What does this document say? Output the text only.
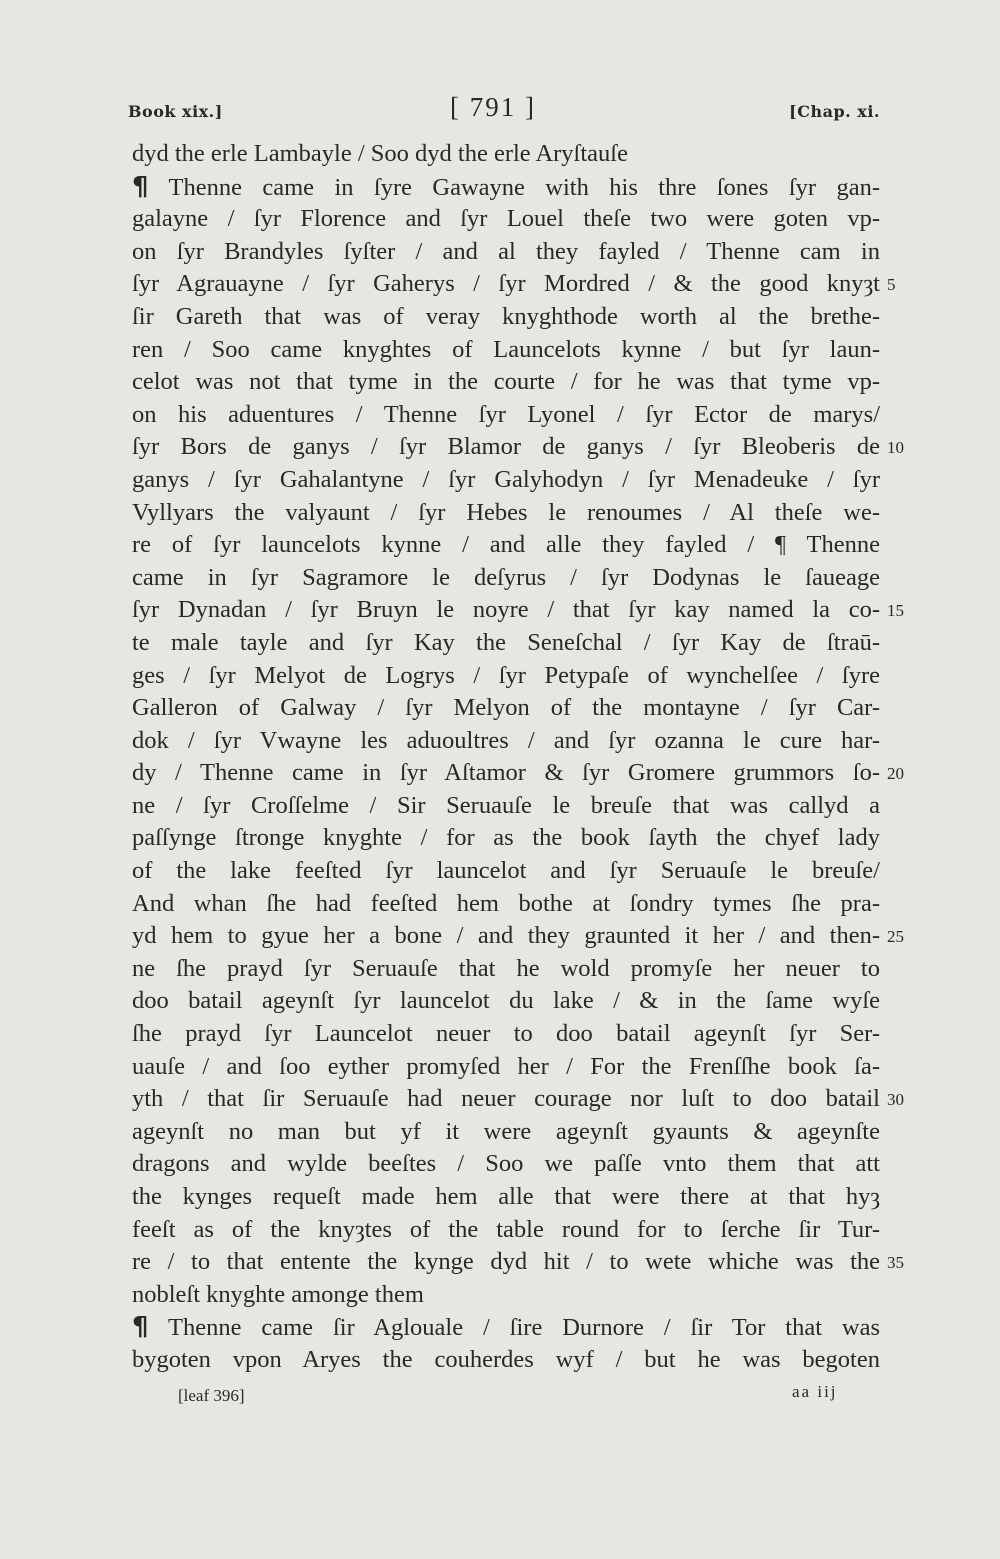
Book xix.]	[ 791 ]	[Chap. xi.
dyd the erle Lambayle / Soo dyd the erle Aryſtauſe
¶ Thenne came in ſyre Gawayne with his thre ſones ſyr gan-
galayne / ſyr Florence and ſyr Louel theſe two were goten vp-
on ſyr Brandyles ſyſter / and al they fayled / Thenne cam in
ſyr Agrauayne / ſyr Gaherys / ſyr Mordred / & the good knyȝt
ſir Gareth that was of veray knyghthode worth al the brethe-
ren / Soo came knyghtes of Launcelots kynne / but ſyr laun-
celot was not that tyme in the courte / for he was that tyme vp-
on his aduentures / Thenne ſyr Lyonel / ſyr Ector de marys/
ſyr Bors de ganys / ſyr Blamor de ganys / ſyr Bleoberis de
ganys / ſyr Gahalantyne / ſyr Galyhodyn / ſyr Menadeuke / ſyr
Vyllyars the valyaunt / ſyr Hebes le renoumes / Al theſe we-
re of ſyr launcelots kynne / and alle they fayled / ¶ Thenne
came in ſyr Sagramore le deſyrus / ſyr Dodynas le ſaueage
ſyr Dynadan / ſyr Bruyn le noyre / that ſyr kay named la co-
te male tayle and ſyr Kay the Seneſchal / ſyr Kay de ſtraū-
ges / ſyr Melyot de Logrys / ſyr Petypaſe of wynchelſee / ſyre
Galleron of Galway / ſyr Melyon of the montayne / ſyr Car-
dok / ſyr Vwayne les aduoultres / and ſyr ozanna le cure har-
dy / Thenne came in ſyr Aſtamor & ſyr Gromere grummors ſo-
ne / ſyr Croſſelme / Sir Seruauſe le breuſe that was callyd a
paſſynge ſtronge knyghte / for as the book ſayth the chyef lady
of the lake feeſted ſyr launcelot and ſyr Seruauſe le breuſe/
And whan ſhe had feeſted hem bothe at ſondry tymes ſhe pra-
yd hem to gyue her a bone / and they graunted it her / and then-
ne ſhe prayd ſyr Seruauſe that he wold promyſe her neuer to
doo batail ageynſt ſyr launcelot du lake / & in the ſame wyſe
ſhe prayd ſyr Launcelot neuer to doo batail ageynſt ſyr Ser-
uauſe / and ſoo eyther promyſed her / For the Frenſſhe book ſa-
yth / that ſir Seruauſe had neuer courage nor luſt to doo batail
ageynſt no man but yf it were ageynſt gyaunts & ageynſte
dragons and wylde beeſtes / Soo we paſſe vnto them that att
the kynges requeſt made hem alle that were there at that hyȝ
feeſt as of the knyȝtes of the table round for to ſerche ſir Tur-
re / to that entente the kynge dyd hit / to wete whiche was the
nobleſt knyghte amonge them
¶ Thenne came ſir Aglouale / ſire Durnore / ſir Tor that was
bygoten vpon Aryes the couherdes wyf / but he was begoten
5
10
15
20
25
30
35
[leaf 396]	aa iij
